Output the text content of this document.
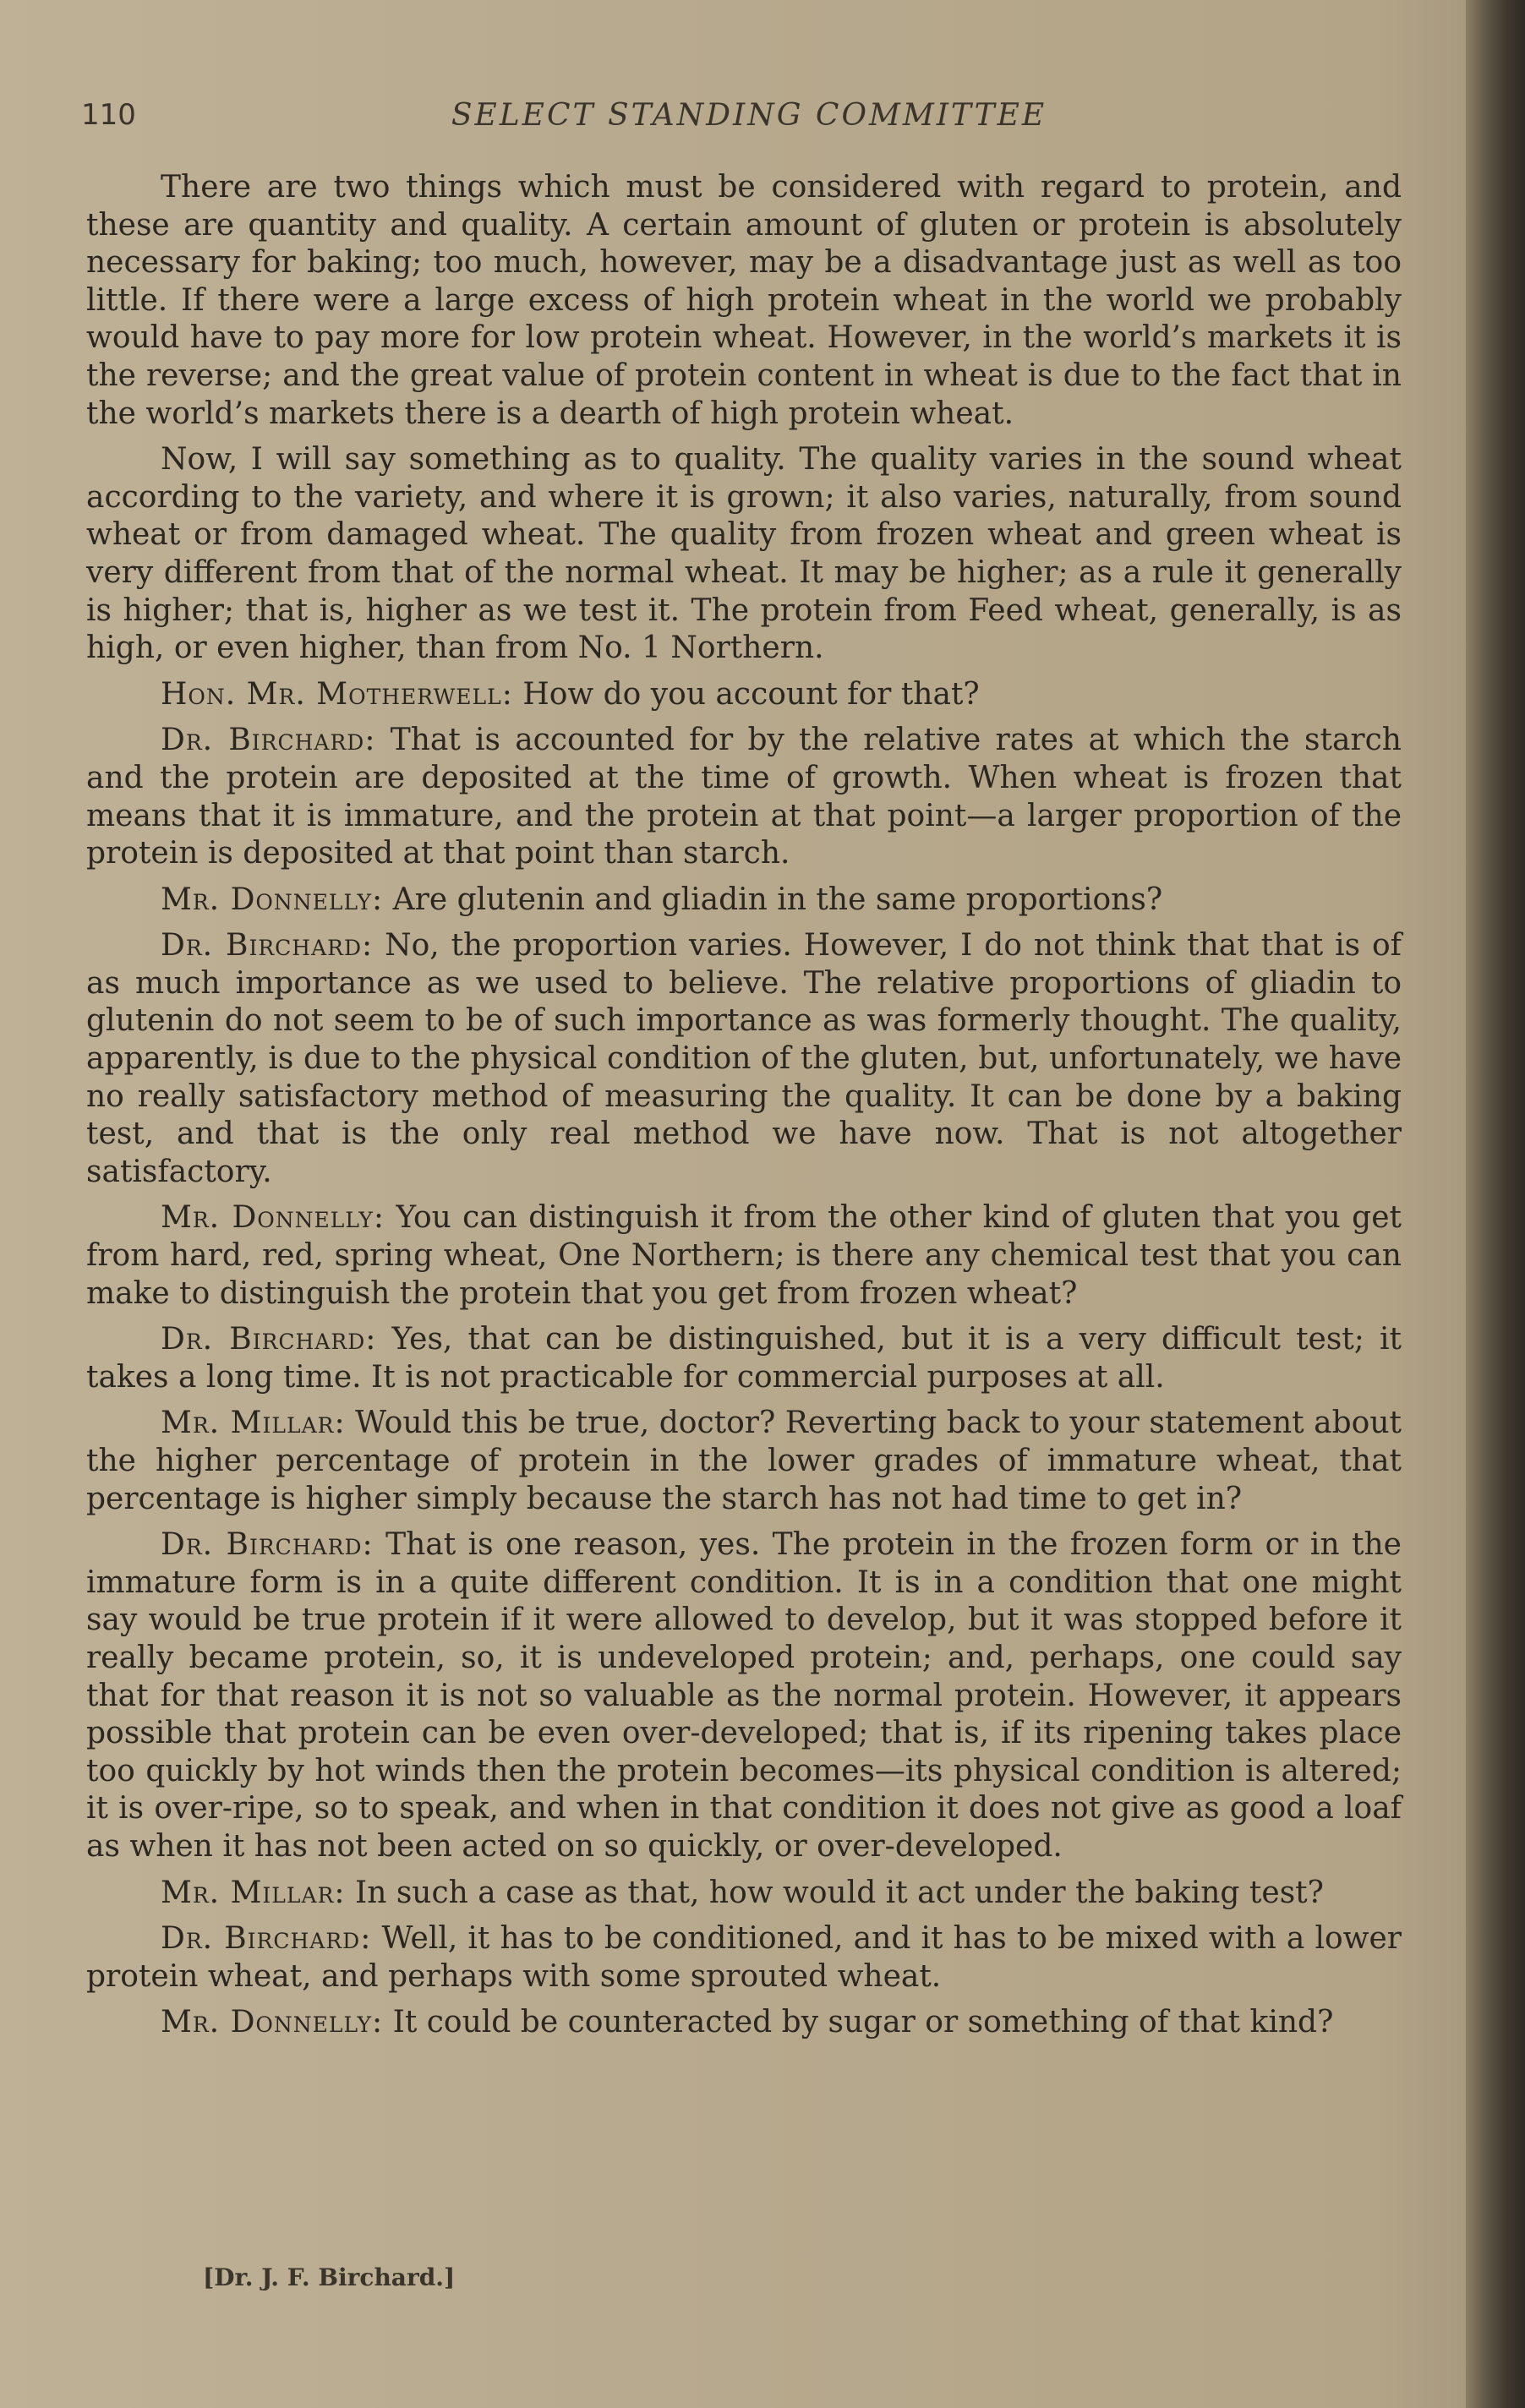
110	SELECT STANDING COMMITTEE

There are two things which must be considered with regard to protein, and these are quantity and quality. A certain amount of gluten or protein is absolutely necessary for baking; too much, however, may be a disadvantage just as well as too little. If there were a large excess of high protein wheat in the world we probably would have to pay more for low protein wheat. However, in the world’s markets it is the reverse; and the great value of protein content in wheat is due to the fact that in the world’s markets there is a dearth of high protein wheat.

Now, I will say something as to quality. The quality varies in the sound wheat according to the variety, and where it is grown; it also varies, naturally, from sound wheat or from damaged wheat. The quality from frozen wheat and green wheat is very different from that of the normal wheat. It may be higher; as a rule it generally is higher; that is, higher as we test it. The protein from Feed wheat, generally, is as high, or even higher, than from No. 1 Northern.

Hon. Mr. Motherwell: How do you account for that?

Dr. Birchard: That is accounted for by the relative rates at which the starch and the protein are deposited at the time of growth. When wheat is frozen that means that it is immature, and the protein at that point—a larger proportion of the protein is deposited at that point than starch.

Mr. Donnelly: Are glutenin and gliadin in the same proportions?

Dr. Birchard: No, the proportion varies. However, I do not think that that is of as much importance as we used to believe. The relative proportions of gliadin to glutenin do not seem to be of such importance as was formerly thought. The quality, apparently, is due to the physical condition of the gluten, but, unfortunately, we have no really satisfactory method of measuring the quality. It can be done by a baking test, and that is the only real method we have now. That is not altogether satisfactory.

Mr. Donnelly: You can distinguish it from the other kind of gluten that you get from hard, red, spring wheat, One Northern; is there any chemical test that you can make to distinguish the protein that you get from frozen wheat?

Dr. Birchard: Yes, that can be distinguished, but it is a very difficult test; it takes a long time. It is not practicable for commercial purposes at all.

Mr. Millar: Would this be true, doctor? Reverting back to your statement about the higher percentage of protein in the lower grades of immature wheat, that percentage is higher simply because the starch has not had time to get in?

Dr. Birchard: That is one reason, yes. The protein in the frozen form or in the immature form is in a quite different condition. It is in a condition that one might say would be true protein if it were allowed to develop, but it was stopped before it really became protein, so, it is undeveloped protein; and, perhaps, one could say that for that reason it is not so valuable as the normal protein. However, it appears possible that protein can be even over-developed; that is, if its ripening takes place too quickly by hot winds then the protein becomes—its physical condition is altered; it is over-ripe, so to speak, and when in that condition it does not give as good a loaf as when it has not been acted on so quickly, or over-developed.

Mr. Millar: In such a case as that, how would it act under the baking test?

Dr. Birchard: Well, it has to be conditioned, and it has to be mixed with a lower protein wheat, and perhaps with some sprouted wheat.

Mr. Donnelly: It could be counteracted by sugar or something of that kind?

[Dr. J. F. Birchard.]
